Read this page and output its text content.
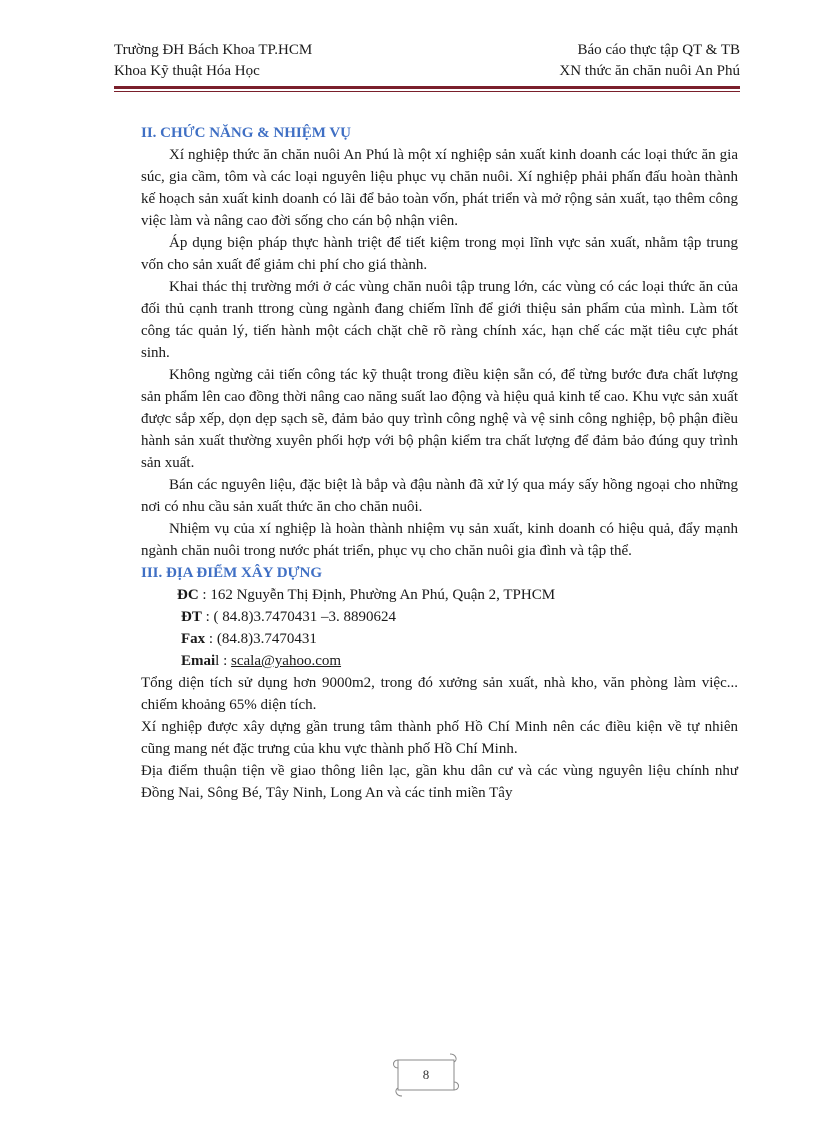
Trường ĐH Bách Khoa TP.HCM	Báo cáo thực tập QT & TB
Khoa Kỹ thuật Hóa Học	XN thức ăn chăn nuôi An Phú

II. CHỨC NĂNG & NHIỆM VỤ

Xí nghiệp thức ăn chăn nuôi An Phú là một xí nghiệp sản xuất kinh doanh các loại thức ăn gia súc, gia cầm, tôm và các loại nguyên liệu phục vụ chăn nuôi. Xí nghiệp phải phấn đấu hoàn thành kế hoạch sản xuất kinh doanh có lãi để bảo toàn vốn, phát triển và mở rộng sản xuất, tạo thêm công việc làm và nâng cao đời sống cho cán bộ nhận viên.

Áp dụng biện pháp thực hành triệt để tiết kiệm trong mọi lĩnh vực sản xuất, nhằm tập trung vốn cho sản xuất để giảm chi phí cho giá thành.

Khai thác thị trường mới ở các vùng chăn nuôi tập trung lớn, các vùng có các loại thức ăn của đối thủ cạnh tranh ttrong cùng ngành đang chiếm lĩnh để giới thiệu sản phẩm của mình. Làm tốt công tác quản lý, tiến hành một cách chặt chẽ rõ ràng chính xác, hạn chế các mặt tiêu cực phát sinh.

Không ngừng cải tiến công tác kỹ thuật trong điều kiện sẵn có, để từng bước đưa chất lượng sản phẩm lên cao đồng thời nâng cao năng suất lao động và hiệu quả kinh tế cao. Khu vực sản xuất được sắp xếp, dọn dẹp sạch sẽ, đảm bảo quy trình công nghệ và vệ sinh công nghiệp, bộ phận điều hành sản xuất thường xuyên phối hợp với bộ phận kiểm tra chất lượng để đảm bảo đúng quy trình sản xuất.

Bán các nguyên liệu, đặc biệt là bắp và đậu nành đã xử lý qua máy sấy hồng ngoại cho những nơi có nhu cầu sản xuất thức ăn cho chăn nuôi.

Nhiệm vụ của xí nghiệp là hoàn thành nhiệm vụ sản xuất, kinh doanh có hiệu quả, đẩy mạnh ngành chăn nuôi trong nước phát triển, phục vụ cho chăn nuôi gia đình và tập thể.

III. ĐỊA ĐIỂM XÂY DỰNG

ĐC : 162 Nguyễn Thị Định, Phường An Phú, Quận 2, TPHCM

ĐT : ( 84.8)3.7470431 –3. 8890624

Fax : (84.8)3.7470431

Email : scala@yahoo.com

Tổng diện tích sử dụng hơn 9000m2, trong đó xưởng sản xuất, nhà kho, văn phòng làm việc... chiếm khoảng 65% diện tích.

Xí nghiệp được xây dựng gần trung tâm thành phố Hồ Chí Minh nên các điều kiện về tự nhiên cũng mang nét đặc trưng của khu vực thành phố Hồ Chí Minh.

Địa điểm thuận tiện về giao thông liên lạc, gần khu dân cư và các vùng nguyên liệu chính như Đồng Nai, Sông Bé, Tây Ninh, Long An và các tỉnh miền Tây

8
